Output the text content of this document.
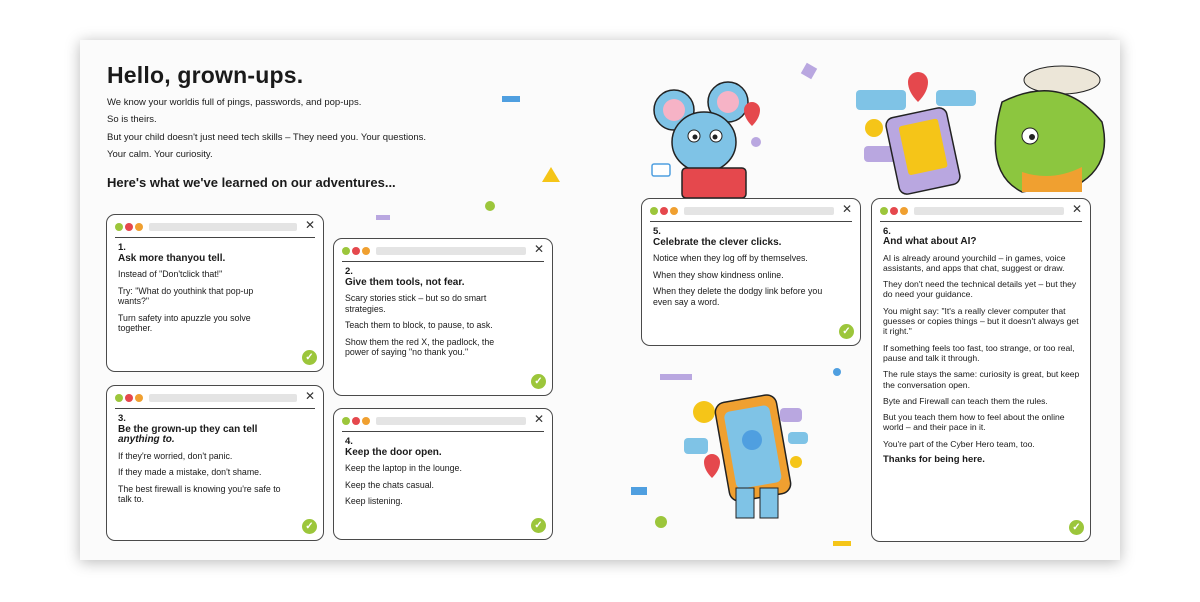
Hello, grown-ups.
We know your worldis full of pings, passwords, and pop-ups.
So is theirs.
But your child doesn't just need tech skills – They need you. Your questions.
Your calm. Your curiosity.
Here's what we've learned on our adventures...
✕
1.
Ask more thanyou tell.

Instead of "Don'tclick that!"

Try: "What do youthink that pop-up wants?"

Turn safety into apuzzle you solve together.

✓
✕
2.
Give them tools, not fear.

Scary stories stick – but so do smart strategies.

Teach them to block, to pause, to ask.

Show them the red X, the padlock, the power of saying "no thank you."

✓
✕
3.
Be the grown-up they can tell
anything to.

If they're worried, don't panic.

If they made a mistake, don't shame.

The best firewall is knowing you're safe to talk to.

✓
✕
4.
Keep the door open.

Keep the laptop in the lounge.

Keep the chats casual.

Keep listening.

✓
✕
5.
Celebrate the clever clicks.

Notice when they log off by themselves.

When they show kindness online.

When they delete the dodgy link before you even say a word.

✓
✕
6.
And what about AI?

AI is already around yourchild – in games, voice assistants, and apps that chat, suggest or draw.

They don't need the technical details yet – but they do need your guidance.

You might say: "It's a really clever computer that guesses or copies things – but it doesn't always get it right."

If something feels too fast, too strange, or too real, pause and talk it through.

The rule stays the same: curiosity is great, but keep the conversation open.

Byte and Firewall can teach them the rules.

But you teach them how to feel about the online world – and their pace in it.

You're part of the Cyber Hero team, too.

Thanks for being here.

✓
